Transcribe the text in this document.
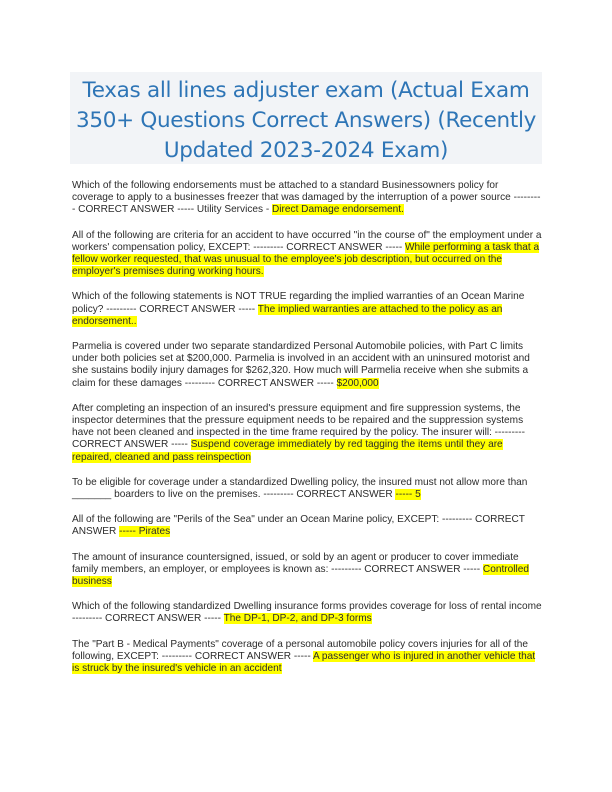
Texas all lines adjuster exam (Actual Exam 350+ Questions Correct Answers) (Recently Updated 2023-2024 Exam)

Which of the following endorsements must be attached to a standard Businessowners policy for coverage to apply to a businesses freezer that was damaged by the interruption of a power source --------- CORRECT ANSWER ----- Utility Services - Direct Damage endorsement.

All of the following are criteria for an accident to have occurred "in the course of" the employment under a workers' compensation policy, EXCEPT: --------- CORRECT ANSWER ----- While performing a task that a fellow worker requested, that was unusual to the employee's job description, but occurred on the employer's premises during working hours.

Which of the following statements is NOT TRUE regarding the implied warranties of an Ocean Marine policy? --------- CORRECT ANSWER ----- The implied warranties are attached to the policy as an endorsement..

Parmelia is covered under two separate standardized Personal Automobile policies, with Part C limits under both policies set at $200,000. Parmelia is involved in an accident with an uninsured motorist and she sustains bodily injury damages for $262,320. How much will Parmelia receive when she submits a claim for these damages --------- CORRECT ANSWER ----- $200,000

After completing an inspection of an insured's pressure equipment and fire suppression systems, the inspector determines that the pressure equipment needs to be repaired and the suppression systems have not been cleaned and inspected in the time frame required by the policy. The insurer will: --------- CORRECT ANSWER ----- Suspend coverage immediately by red tagging the items until they are repaired, cleaned and pass reinspection

To be eligible for coverage under a standardized Dwelling policy, the insured must not allow more than _______ boarders to live on the premises. --------- CORRECT ANSWER ----- 5

All of the following are "Perils of the Sea" under an Ocean Marine policy, EXCEPT: --------- CORRECT ANSWER ----- Pirates

The amount of insurance countersigned, issued, or sold by an agent or producer to cover immediate family members, an employer, or employees is known as: --------- CORRECT ANSWER ----- Controlled business

Which of the following standardized Dwelling insurance forms provides coverage for loss of rental income --------- CORRECT ANSWER ----- The DP-1, DP-2, and DP-3 forms

The "Part B - Medical Payments" coverage of a personal automobile policy covers injuries for all of the following, EXCEPT: --------- CORRECT ANSWER ----- A passenger who is injured in another vehicle that is struck by the insured's vehicle in an accident
